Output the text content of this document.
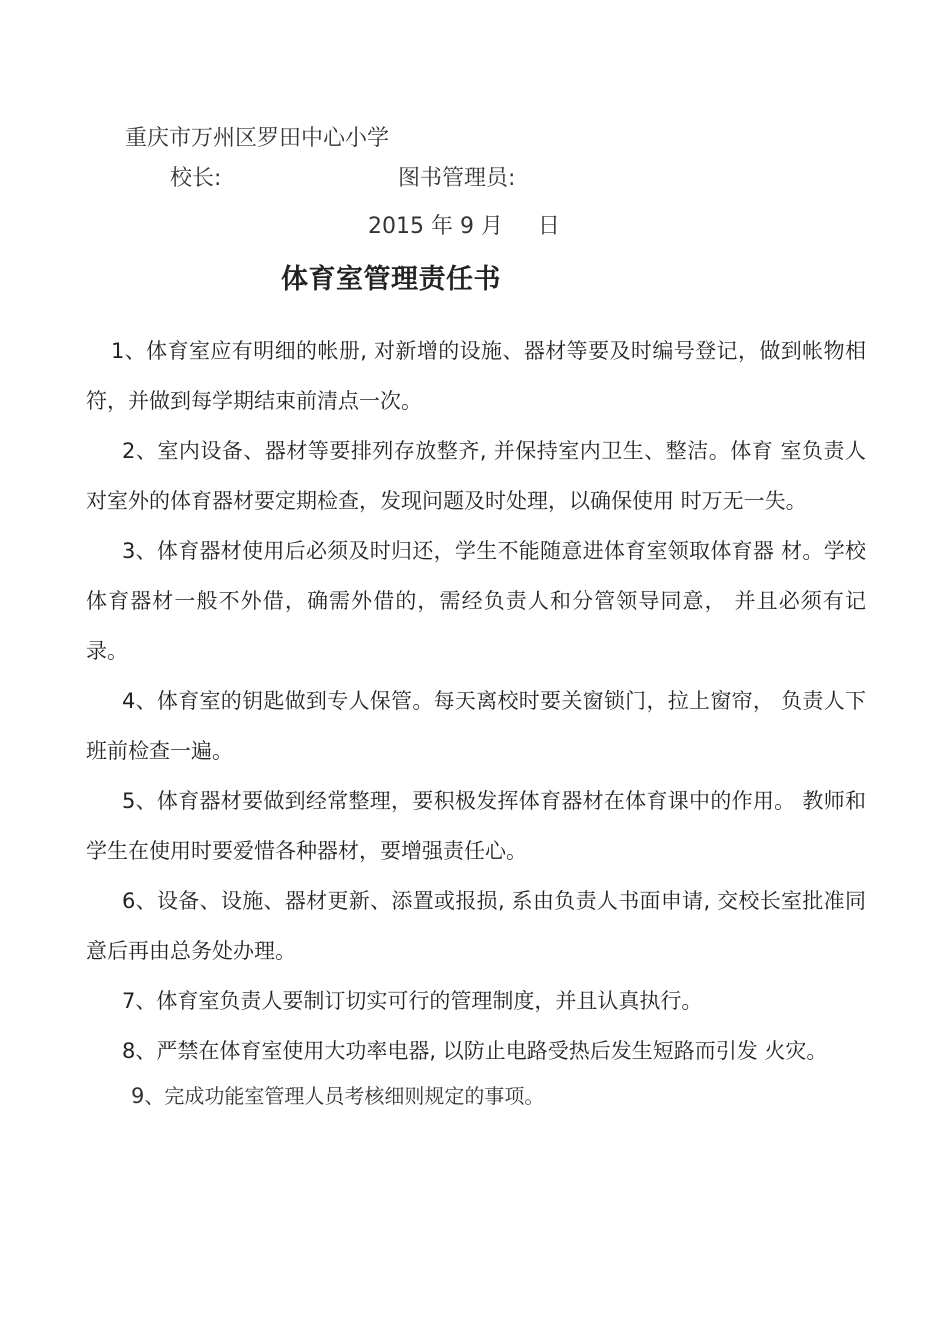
重庆市万州区罗田中心小学
校长:	图书管理员:
2015 年 9 月     日
体育室管理责任书
1、体育室应有明细的帐册, 对新增的设施、器材等要及时编号登记，做到帐物相符，并做到每学期结束前清点一次。
2、室内设备、器材等要排列存放整齐, 并保持室内卫生、整洁。体育 室负责人对室外的体育器材要定期检查，发现问题及时处理，以确保使用 时万无一失。
3、体育器材使用后必须及时归还，学生不能随意进体育室领取体育器 材。学校体育器材一般不外借，确需外借的，需经负责人和分管领导同意， 并且必须有记录。
4、体育室的钥匙做到专人保管。每天离校时要关窗锁门，拉上窗帘， 负责人下班前检查一遍。
5、体育器材要做到经常整理，要积极发挥体育器材在体育课中的作用。 教师和学生在使用时要爱惜各种器材，要增强责任心。
6、设备、设施、器材更新、添置或报损, 系由负责人书面申请, 交校长室批准同意后再由总务处办理。
7、体育室负责人要制订切实可行的管理制度，并且认真执行。
8、严禁在体育室使用大功率电器, 以防止电路受热后发生短路而引发 火灾。
9、完成功能室管理人员考核细则规定的事项。
